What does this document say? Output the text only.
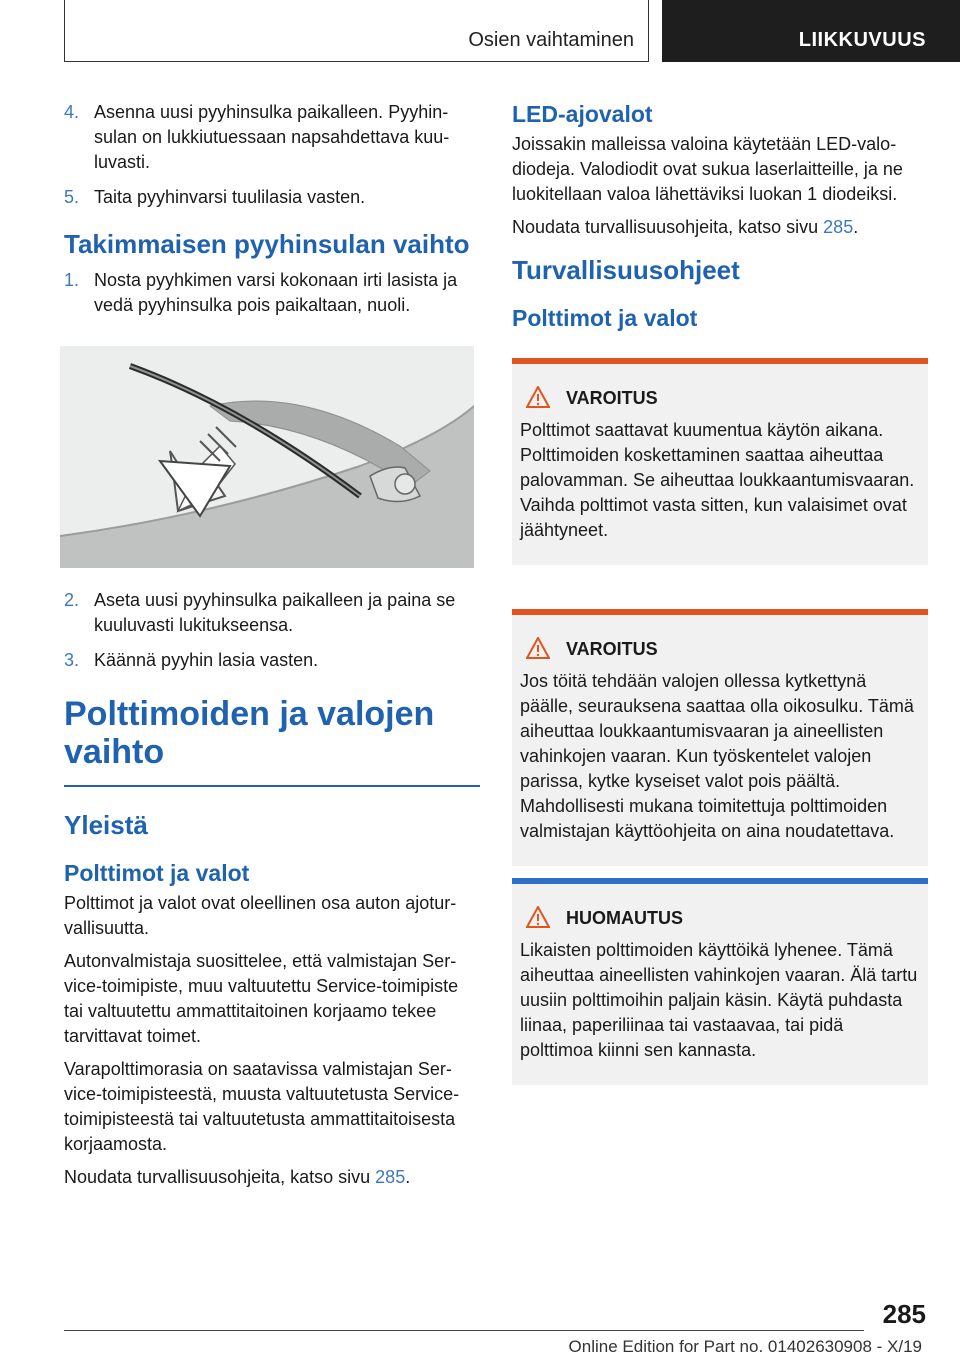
Osien vaihtaminen	LIIKKUVUUS
4. Asenna uusi pyyhinsulka paikalleen. Pyyhinsulan on lukkiutuessaan napsahdettava kuuluvasti.
5. Taita pyyhinvarsi tuulilasia vasten.
Takimmaisen pyyhinsulan vaihto
1. Nosta pyyhkimen varsi kokonaan irti lasista ja vedä pyyhinsulka pois paikaltaan, nuoli.
2. Aseta uusi pyyhinsulka paikalleen ja paina se kuuluvasti lukitukseensa.
3. Käännä pyyhin lasia vasten.
Polttimoiden ja valojen vaihto
Yleistä
Polttimot ja valot

Polttimot ja valot ovat oleellinen osa auton ajoturvallisuutta.

Autonvalmistaja suosittelee, että valmistajan Service-toimipiste, muu valtuutettu Service-toimipiste tai valtuutettu ammattitaitoinen korjaamo tekee tarvittavat toimet.

Varapolttimorasia on saatavissa valmistajan Service-toimipisteestä, muusta valtuutetusta Service-toimipisteestä tai valtuutetusta ammattitaitoisesta korjaamosta.

Noudata turvallisuusohjeita, katso sivu 285.

LED-ajovalot

Joissakin malleissa valoina käytetään LED-valodiodeja. Valodiodit ovat sukua laserlaitteille, ja ne luokitellaan valoa lähettäviksi luokan 1 diodeiksi.

Noudata turvallisuusohjeita, katso sivu 285.

Turvallisuusohjeet
Polttimot ja valot
VAROITUS
Polttimot saattavat kuumentua käytön aikana. Polttimoiden koskettaminen saattaa aiheuttaa palovamman. Se aiheuttaa loukkaantumisvaaran. Vaihda polttimot vasta sitten, kun valaisimet ovat jäähtyneet.
VAROITUS
Jos töitä tehdään valojen ollessa kytkettynä päälle, seurauksena saattaa olla oikosulku. Tämä aiheuttaa loukkaantumisvaaran ja aineellisten vahinkojen vaaran. Kun työskentelet valojen parissa, kytke kyseiset valot pois päältä. Mahdollisesti mukana toimitettuja polttimoiden valmistajan käyttöohjeita on aina noudatettava.
HUOMAUTUS
Likaisten polttimoiden käyttöikä lyhenee. Tämä aiheuttaa aineellisten vahinkojen vaaran. Älä tartu uusiin polttimoihin paljain käsin. Käytä puhdasta liinaa, paperiliinaa tai vastaavaa, tai pidä polttimoa kiinni sen kannasta.
285
Online Edition for Part no. 01402630908 - X/19
